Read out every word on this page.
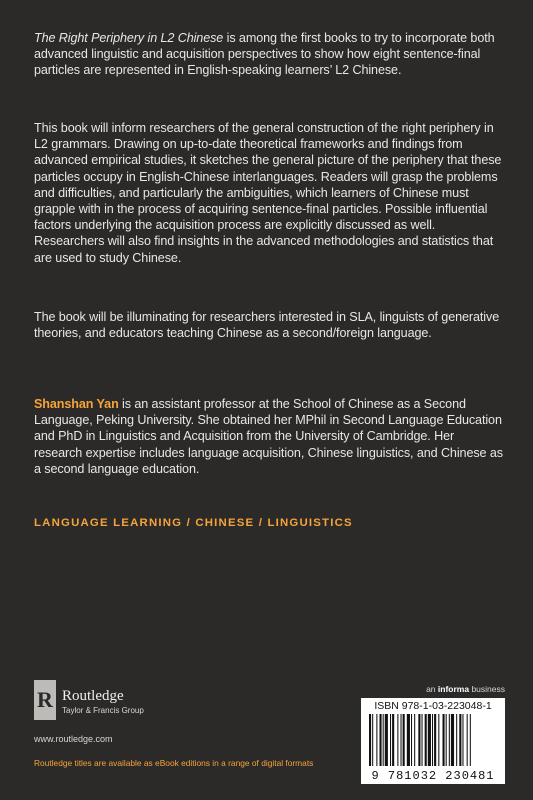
The Right Periphery in L2 Chinese is among the first books to try to incorporate both advanced linguistic and acquisition perspectives to show how eight sentence-final particles are represented in English-speaking learners’ L2 Chinese.
This book will inform researchers of the general construction of the right periphery in L2 grammars. Drawing on up-to-date theoretical frameworks and findings from advanced empirical studies, it sketches the general picture of the periphery that these particles occupy in English-Chinese interlanguages. Readers will grasp the problems and difficulties, and particularly the ambiguities, which learners of Chinese must grapple with in the process of acquiring sentence-final particles. Possible influential factors underlying the acquisition process are explicitly discussed as well. Researchers will also find insights in the advanced methodologies and statistics that are used to study Chinese.
The book will be illuminating for researchers interested in SLA, linguists of generative theories, and educators teaching Chinese as a second/foreign language.
Shanshan Yan is an assistant professor at the School of Chinese as a Second Language, Peking University. She obtained her MPhil in Second Language Education and PhD in Linguistics and Acquisition from the University of Cambridge. Her research expertise includes language acquisition, Chinese linguistics, and Chinese as a second language education.
LANGUAGE LEARNING / CHINESE / LINGUISTICS
R Routledge
Taylor & Francis Group
www.routledge.com
Routledge titles are available as eBook editions in a range of digital formats
an informa business
ISBN 978-1-03-223048-1
9 781032 230481
